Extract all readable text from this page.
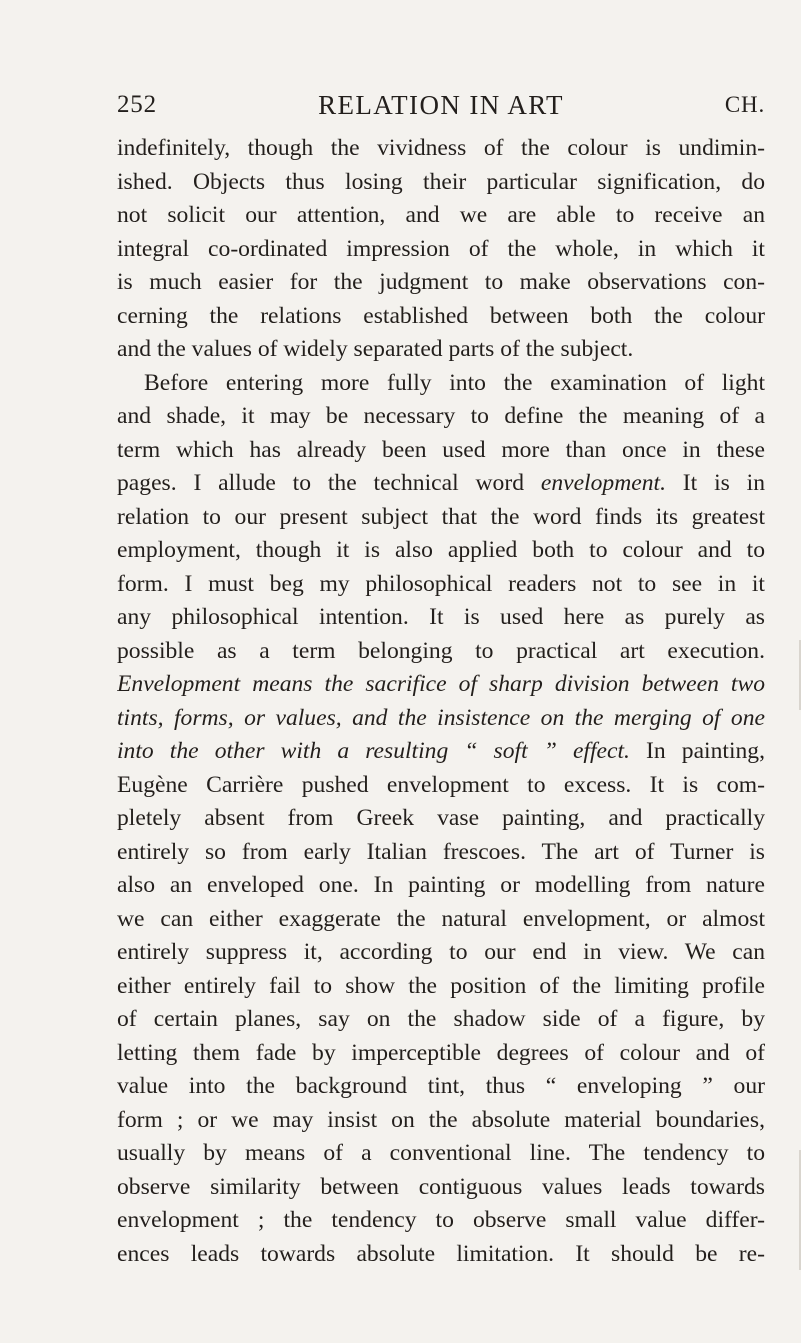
252	RELATION IN ART	CH.
indefinitely, though the vividness of the colour is undimin-
ished. Objects thus losing their particular signification, do
not solicit our attention, and we are able to receive an
integral co-ordinated impression of the whole, in which it
is much easier for the judgment to make observations con-
cerning the relations established between both the colour
and the values of widely separated parts of the subject.
Before entering more fully into the examination of light
and shade, it may be necessary to define the meaning of a
term which has already been used more than once in these
pages. I allude to the technical word envelopment. It is in
relation to our present subject that the word finds its greatest
employment, though it is also applied both to colour and to
form. I must beg my philosophical readers not to see in it
any philosophical intention. It is used here as purely as
possible as a term belonging to practical art execution.
Envelopment means the sacrifice of sharp division between two
tints, forms, or values, and the insistence on the merging of one
into the other with a resulting “ soft ” effect. In painting,
Eugène Carrière pushed envelopment to excess. It is com-
pletely absent from Greek vase painting, and practically
entirely so from early Italian frescoes. The art of Turner is
also an enveloped one. In painting or modelling from nature
we can either exaggerate the natural envelopment, or almost
entirely suppress it, according to our end in view. We can
either entirely fail to show the position of the limiting profile
of certain planes, say on the shadow side of a figure, by
letting them fade by imperceptible degrees of colour and of
value into the background tint, thus “ enveloping ” our
form ; or we may insist on the absolute material boundaries,
usually by means of a conventional line. The tendency to
observe similarity between contiguous values leads towards
envelopment ; the tendency to observe small value differ-
ences leads towards absolute limitation. It should be re-
